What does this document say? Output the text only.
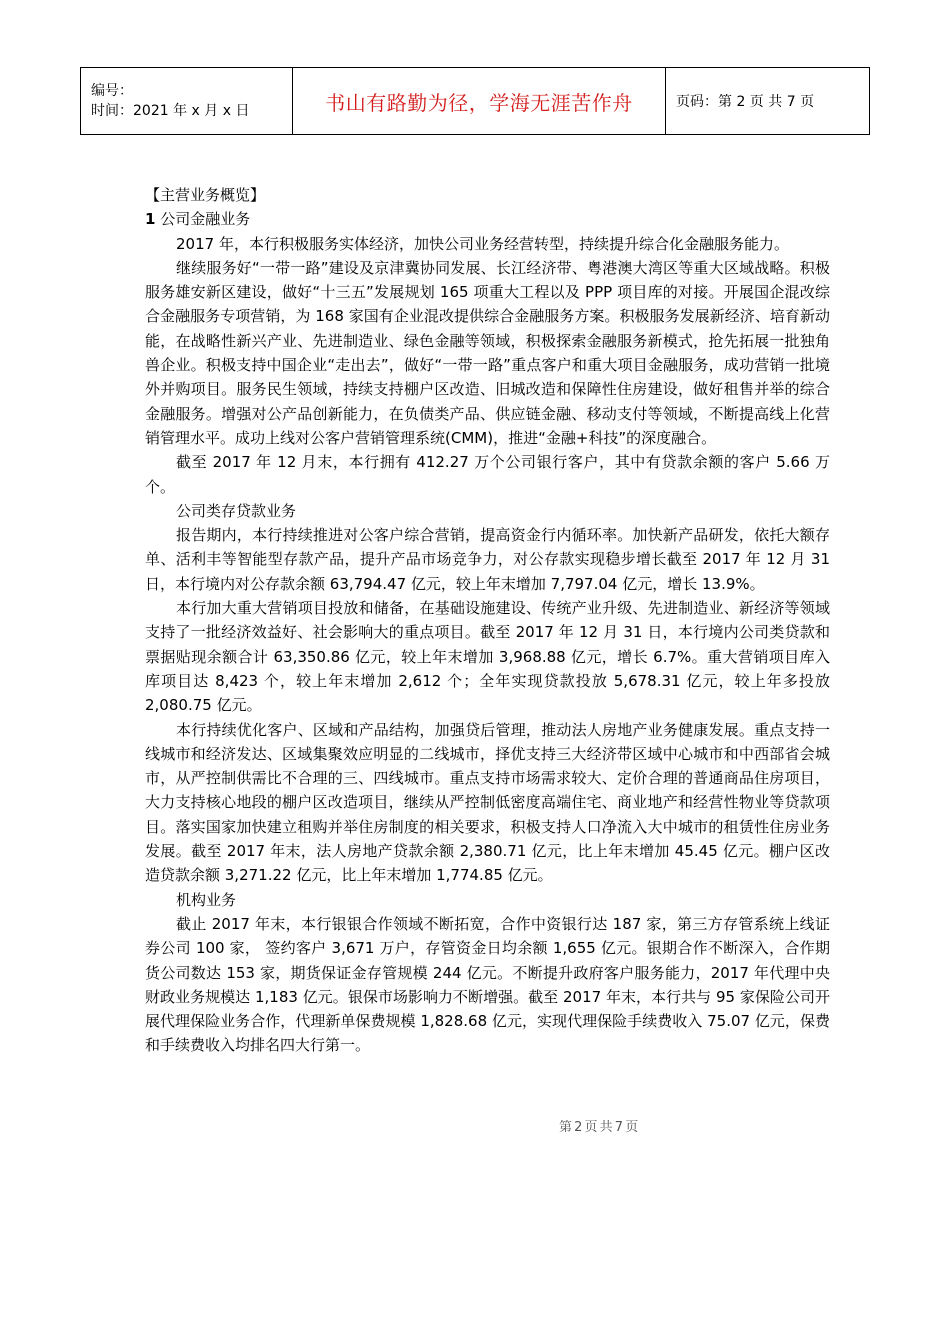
编号：
时间：2021 年 x 月 x 日	书山有路勤为径，学海无涯苦作舟	页码：第 2 页 共 7 页

【主营业务概览】

1 公司金融业务

2017 年，本行积极服务实体经济，加快公司业务经营转型，持续提升综合化金融服务能力。

继续服务好“一带一路”建设及京津冀协同发展、长江经济带、粤港澳大湾区等重大区域战略。积极服务雄安新区建设，做好“十三五”发展规划 165 项重大工程以及 PPP 项目库的对接。开展国企混改综合金融服务专项营销，为 168 家国有企业混改提供综合金融服务方案。积极服务发展新经济、培育新动能，在战略性新兴产业、先进制造业、绿色金融等领域，积极探索金融服务新模式，抢先拓展一批独角兽企业。积极支持中国企业“走出去”，做好“一带一路”重点客户和重大项目金融服务，成功营销一批境外并购项目。服务民生领域，持续支持棚户区改造、旧城改造和保障性住房建设，做好租售并举的综合金融服务。增强对公产品创新能力，在负债类产品、供应链金融、移动支付等领域，不断提高线上化营销管理水平。成功上线对公客户营销管理系统(CMM)，推进“金融+科技”的深度融合。

截至 2017 年 12 月末，本行拥有 412.27 万个公司银行客户，其中有贷款余额的客户 5.66 万个。

公司类存贷款业务

报告期内，本行持续推进对公客户综合营销，提高资金行内循环率。加快新产品研发，依托大额存单、活利丰等智能型存款产品，提升产品市场竞争力，对公存款实现稳步增长截至 2017 年 12 月 31 日，本行境内对公存款余额 63,794.47 亿元，较上年末增加 7,797.04 亿元，增长 13.9%。

本行加大重大营销项目投放和储备，在基础设施建设、传统产业升级、先进制造业、新经济等领域支持了一批经济效益好、社会影响大的重点项目。截至 2017 年 12 月 31 日，本行境内公司类贷款和票据贴现余额合计 63,350.86 亿元，较上年末增加 3,968.88 亿元，增长 6.7%。重大营销项目库入库项目达 8,423 个，较上年末增加 2,612 个；全年实现贷款投放 5,678.31 亿元，较上年多投放 2,080.75 亿元。

本行持续优化客户、区域和产品结构，加强贷后管理，推动法人房地产业务健康发展。重点支持一线城市和经济发达、区域集聚效应明显的二线城市，择优支持三大经济带区域中心城市和中西部省会城市，从严控制供需比不合理的三、四线城市。重点支持市场需求较大、定价合理的普通商品住房项目，大力支持核心地段的棚户区改造项目，继续从严控制低密度高端住宅、商业地产和经营性物业等贷款项目。落实国家加快建立租购并举住房制度的相关要求，积极支持人口净流入大中城市的租赁性住房业务发展。截至 2017 年末，法人房地产贷款余额 2,380.71 亿元，比上年末增加 45.45 亿元。棚户区改造贷款余额 3,271.22 亿元，比上年末增加 1,774.85 亿元。

机构业务

截止 2017 年末，本行银银合作领域不断拓宽，合作中资银行达 187 家，第三方存管系统上线证券公司 100 家， 签约客户 3,671 万户，存管资金日均余额 1,655 亿元。银期合作不断深入，合作期货公司数达 153 家，期货保证金存管规模 244 亿元。不断提升政府客户服务能力，2017 年代理中央财政业务规模达 1,183 亿元。银保市场影响力不断增强。截至 2017 年末，本行共与 95 家保险公司开展代理保险业务合作，代理新单保费规模 1,828.68 亿元，实现代理保险手续费收入 75.07 亿元，保费和手续费收入均排名四大行第一。

第 2 页 共 7 页
